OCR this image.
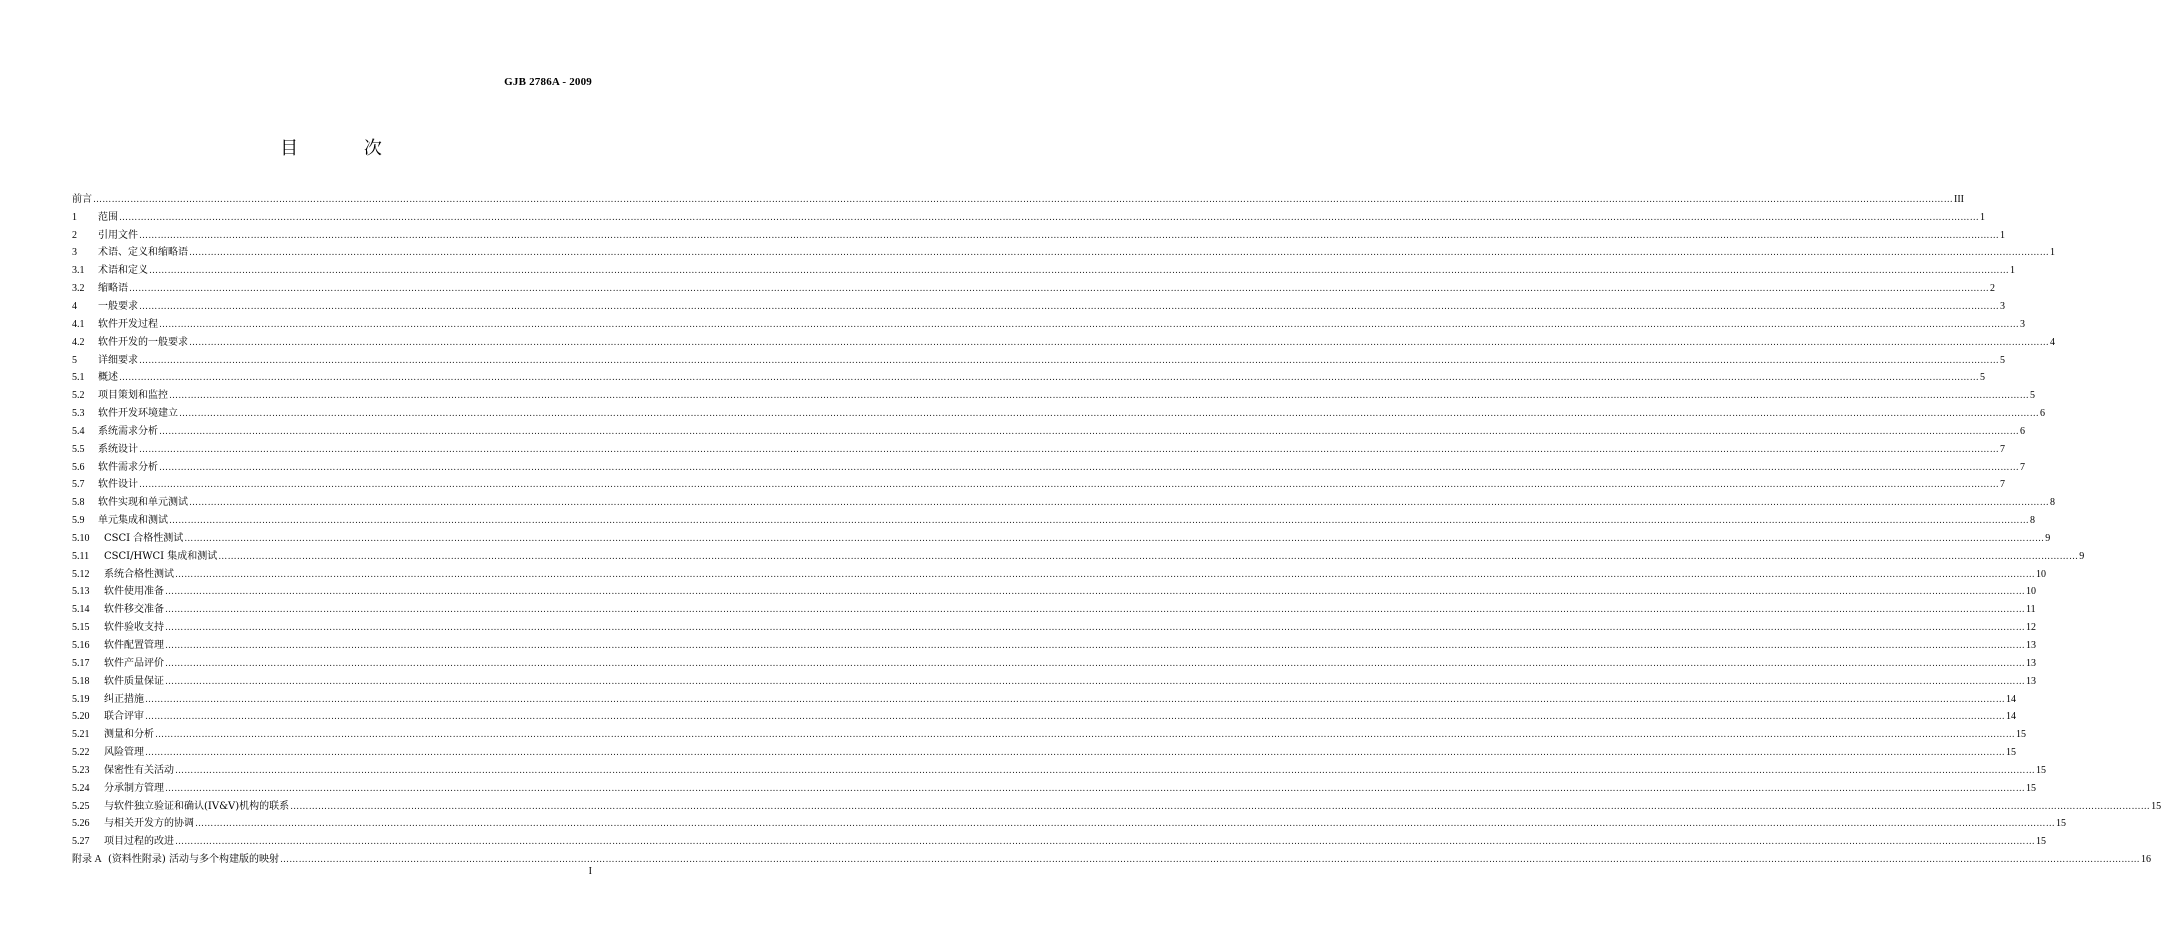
GJB 2786A - 2009
目 次
前言 …………………………………………………………………………………………………………………………………………………………………………………………………………………………………………………………………………………………………………………………………………………………………………………………………………………………………………………………………………………………………………………………………………………… III
1	范围 …………………………………………………………………………………………………………………………………………………………………………………………………………………………………………………………………………………………………………………………………………………………………………………………………………………………………………………………………………………………………………………………………………………… 1
2	引用文件 …………………………………………………………………………………………………………………………………………………………………………………………………………………………………………………………………………………………………………………………………………………………………………………………………………………………………………………………………………………………………………………………………………………… 1
3	术语、定义和缩略语 …………………………………………………………………………………………………………………………………………………………………………………………………………………………………………………………………………………………………………………………………………………………………………………………………………………………………………………………………………………………………………………………………………………… 1
3.1	术语和定义 …………………………………………………………………………………………………………………………………………………………………………………………………………………………………………………………………………………………………………………………………………………………………………………………………………………………………………………………………………………………………………………………………………………… 1
3.2	缩略语 …………………………………………………………………………………………………………………………………………………………………………………………………………………………………………………………………………………………………………………………………………………………………………………………………………………………………………………………………………………………………………………………………………………… 2
4	一般要求 …………………………………………………………………………………………………………………………………………………………………………………………………………………………………………………………………………………………………………………………………………………………………………………………………………………………………………………………………………………………………………………………………………………… 3
4.1	软件开发过程 …………………………………………………………………………………………………………………………………………………………………………………………………………………………………………………………………………………………………………………………………………………………………………………………………………………………………………………………………………………………………………………………………………………… 3
4.2	软件开发的一般要求 …………………………………………………………………………………………………………………………………………………………………………………………………………………………………………………………………………………………………………………………………………………………………………………………………………………………………………………………………………………………………………………………………………………… 4
5	详细要求 …………………………………………………………………………………………………………………………………………………………………………………………………………………………………………………………………………………………………………………………………………………………………………………………………………………………………………………………………………………………………………………………………………………… 5
5.1	概述 …………………………………………………………………………………………………………………………………………………………………………………………………………………………………………………………………………………………………………………………………………………………………………………………………………………………………………………………………………………………………………………………………………………… 5
5.2	项目策划和监控 …………………………………………………………………………………………………………………………………………………………………………………………………………………………………………………………………………………………………………………………………………………………………………………………………………………………………………………………………………………………………………………………………………………… 5
5.3	软件开发环境建立 …………………………………………………………………………………………………………………………………………………………………………………………………………………………………………………………………………………………………………………………………………………………………………………………………………………………………………………………………………………………………………………………………………………… 6
5.4	系统需求分析 …………………………………………………………………………………………………………………………………………………………………………………………………………………………………………………………………………………………………………………………………………………………………………………………………………………………………………………………………………………………………………………………………………………… 6
5.5	系统设计 …………………………………………………………………………………………………………………………………………………………………………………………………………………………………………………………………………………………………………………………………………………………………………………………………………………………………………………………………………………………………………………………………………………… 7
5.6	软件需求分析 …………………………………………………………………………………………………………………………………………………………………………………………………………………………………………………………………………………………………………………………………………………………………………………………………………………………………………………………………………………………………………………………………………………… 7
5.7	软件设计 …………………………………………………………………………………………………………………………………………………………………………………………………………………………………………………………………………………………………………………………………………………………………………………………………………………………………………………………………………………………………………………………………………………… 7
5.8	软件实现和单元测试 …………………………………………………………………………………………………………………………………………………………………………………………………………………………………………………………………………………………………………………………………………………………………………………………………………………………………………………………………………………………………………………………………………………… 8
5.9	单元集成和测试 …………………………………………………………………………………………………………………………………………………………………………………………………………………………………………………………………………………………………………………………………………………………………………………………………………………………………………………………………………………………………………………………………………………… 8
5.10	CSCI 合格性测试 …………………………………………………………………………………………………………………………………………………………………………………………………………………………………………………………………………………………………………………………………………………………………………………………………………………………………………………………………………………………………………………………………………………… 9
5.11	CSCI/HWCI 集成和测试 …………………………………………………………………………………………………………………………………………………………………………………………………………………………………………………………………………………………………………………………………………………………………………………………………………………………………………………………………………………………………………………………………………………… 9
5.12	系统合格性测试 …………………………………………………………………………………………………………………………………………………………………………………………………………………………………………………………………………………………………………………………………………………………………………………………………………………………………………………………………………………………………………………………………………………… 10
5.13	软件使用准备 …………………………………………………………………………………………………………………………………………………………………………………………………………………………………………………………………………………………………………………………………………………………………………………………………………………………………………………………………………………………………………………………………………………… 10
5.14	软件移交准备 …………………………………………………………………………………………………………………………………………………………………………………………………………………………………………………………………………………………………………………………………………………………………………………………………………………………………………………………………………………………………………………………………………………… 11
5.15	软件验收支持 …………………………………………………………………………………………………………………………………………………………………………………………………………………………………………………………………………………………………………………………………………………………………………………………………………………………………………………………………………………………………………………………………………………… 12
5.16	软件配置管理 …………………………………………………………………………………………………………………………………………………………………………………………………………………………………………………………………………………………………………………………………………………………………………………………………………………………………………………………………………………………………………………………………………………… 13
5.17	软件产品评价 …………………………………………………………………………………………………………………………………………………………………………………………………………………………………………………………………………………………………………………………………………………………………………………………………………………………………………………………………………………………………………………………………………………… 13
5.18	软件质量保证 …………………………………………………………………………………………………………………………………………………………………………………………………………………………………………………………………………………………………………………………………………………………………………………………………………………………………………………………………………………………………………………………………………………… 13
5.19	纠正措施 …………………………………………………………………………………………………………………………………………………………………………………………………………………………………………………………………………………………………………………………………………………………………………………………………………………………………………………………………………………………………………………………………………………… 14
5.20	联合评审 …………………………………………………………………………………………………………………………………………………………………………………………………………………………………………………………………………………………………………………………………………………………………………………………………………………………………………………………………………………………………………………………………………………… 14
5.21	测量和分析 …………………………………………………………………………………………………………………………………………………………………………………………………………………………………………………………………………………………………………………………………………………………………………………………………………………………………………………………………………………………………………………………………………………… 15
5.22	风险管理 …………………………………………………………………………………………………………………………………………………………………………………………………………………………………………………………………………………………………………………………………………………………………………………………………………………………………………………………………………………………………………………………………………………… 15
5.23	保密性有关活动 …………………………………………………………………………………………………………………………………………………………………………………………………………………………………………………………………………………………………………………………………………………………………………………………………………………………………………………………………………………………………………………………………………………… 15
5.24	分承制方管理 …………………………………………………………………………………………………………………………………………………………………………………………………………………………………………………………………………………………………………………………………………………………………………………………………………………………………………………………………………………………………………………………………………………… 15
5.25	与软件独立验证和确认(IV&V)机构的联系 …………………………………………………………………………………………………………………………………………………………………………………………………………………………………………………………………………………………………………………………………………………………………………………………………………………………………………………………………………………………………………………………………………………… 15
5.26	与相关开发方的协调 …………………………………………………………………………………………………………………………………………………………………………………………………………………………………………………………………………………………………………………………………………………………………………………………………………………………………………………………………………………………………………………………………………………… 15
5.27	项目过程的改进 …………………………………………………………………………………………………………………………………………………………………………………………………………………………………………………………………………………………………………………………………………………………………………………………………………………………………………………………………………………………………………………………………………………… 15
附录 A (资料性附录) 活动与多个构建版的映射 …………………………………………………………………………………………………………………………………………………………………………………………………………………………………………………………………………………………………………………………………………………………………………………………………………………………………………………………………………………………………………………………………………………… 16
I
